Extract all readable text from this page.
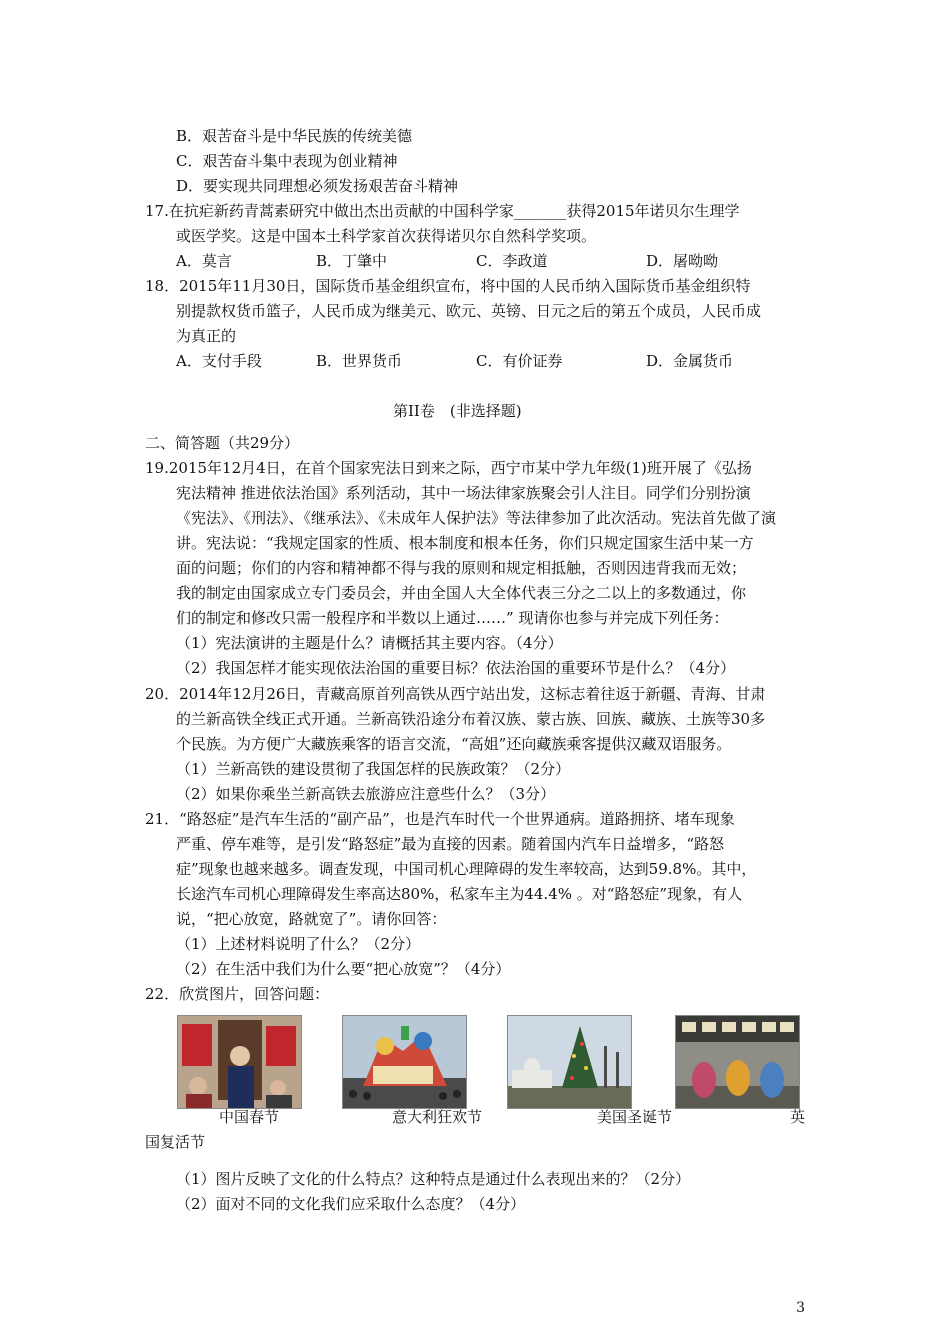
B．艰苦奋斗是中华民族的传统美德
C．艰苦奋斗集中表现为创业精神
D．要实现共同理想必须发扬艰苦奋斗精神
17.在抗疟新药青蒿素研究中做出杰出贡献的中国科学家_______获得2015年诺贝尔生理学
或医学奖。这是中国本土科学家首次获得诺贝尔自然科学奖项。
A．莫言	B．丁肇中	C．李政道	D．屠呦呦
18．2015年11月30日，国际货币基金组织宣布，将中国的人民币纳入国际货币基金组织特
别提款权货币篮子，人民币成为继美元、欧元、英镑、日元之后的第五个成员，人民币成
为真正的
A．支付手段	B．世界货币	C．有价证券	D．金属货币
第II卷　(非选择题)
二、简答题（共29分）
19.2015年12月4日，在首个国家宪法日到来之际，西宁市某中学九年级(1)班开展了《弘扬
宪法精神 推进依法治国》系列活动，其中一场法律家族聚会引人注目。同学们分别扮演
《宪法》、《刑法》、《继承法》、《未成年人保护法》等法律参加了此次活动。宪法首先做了演
讲。宪法说：“我规定国家的性质、根本制度和根本任务，你们只规定国家生活中某一方
面的问题；你们的内容和精神都不得与我的原则和规定相抵触，否则因违背我而无效；
我的制定由国家成立专门委员会，并由全国人大全体代表三分之二以上的多数通过，你
们的制定和修改只需一般程序和半数以上通过……” 现请你也参与并完成下列任务：
（1）宪法演讲的主题是什么？请概括其主要内容。（4分）
（2）我国怎样才能实现依法治国的重要目标？依法治国的重要环节是什么？（4分）
20．2014年12月26日，青藏高原首列高铁从西宁站出发，这标志着往返于新疆、青海、甘肃
的兰新高铁全线正式开通。兰新高铁沿途分布着汉族、蒙古族、回族、藏族、土族等30多
个民族。为方便广大藏族乘客的语言交流，“高姐”还向藏族乘客提供汉藏双语服务。
（1）兰新高铁的建设贯彻了我国怎样的民族政策？（2分）
（2）如果你乘坐兰新高铁去旅游应注意些什么？（3分）
21．“路怒症”是汽车生活的“副产品”，也是汽车时代一个世界通病。道路拥挤、堵车现象
严重、停车难等，是引发“路怒症”最为直接的因素。随着国内汽车日益增多，“路怒
症”现象也越来越多。调查发现，中国司机心理障碍的发生率较高，达到59.8%。其中，
长途汽车司机心理障碍发生率高达80%，私家车主为44.4% 。对“路怒症”现象，有人
说，“把心放宽，路就宽了”。请你回答：
（1）上述材料说明了什么？（2分）
（2）在生活中我们为什么要“把心放宽”？（4分）
22．欣赏图片，回答问题：
中国春节	意大利狂欢节	美国圣诞节	英
国复活节
（1）图片反映了文化的什么特点？这种特点是通过什么表现出来的？（2分）
（2）面对不同的文化我们应采取什么态度？（4分）
3
